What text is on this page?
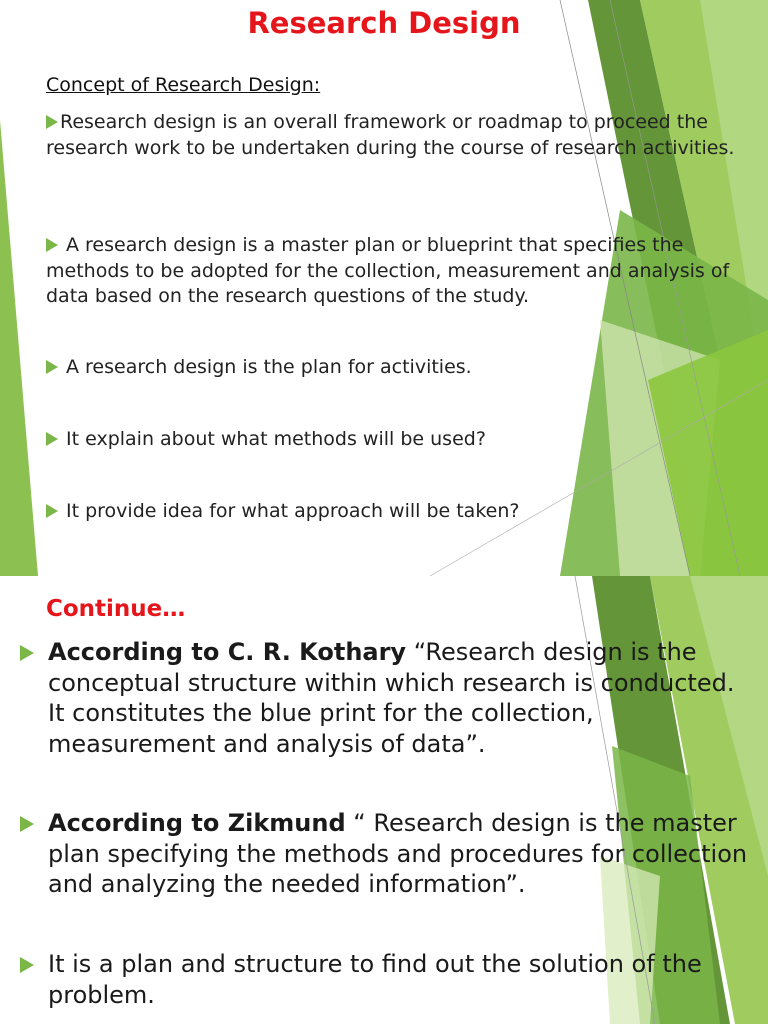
Research Design
Concept of Research Design:
Research design is an overall framework or roadmap to proceed the research work to be undertaken during the course of research activities.
A research design is a master plan or blueprint that specifies the methods to be adopted for the collection, measurement and analysis of data based on the research questions of the study.
A research design is the plan for activities.
It explain about what methods will be used?
It provide idea for what approach will be taken?
Continue…
According to C. R. Kothary “Research design is the conceptual structure within which research is conducted. It constitutes the blue print for the collection, measurement and analysis of data”.
According to Zikmund “ Research design is the master plan specifying the methods and procedures for collection and analyzing the needed information”.
It is a plan and structure to find out the solution of the problem.
